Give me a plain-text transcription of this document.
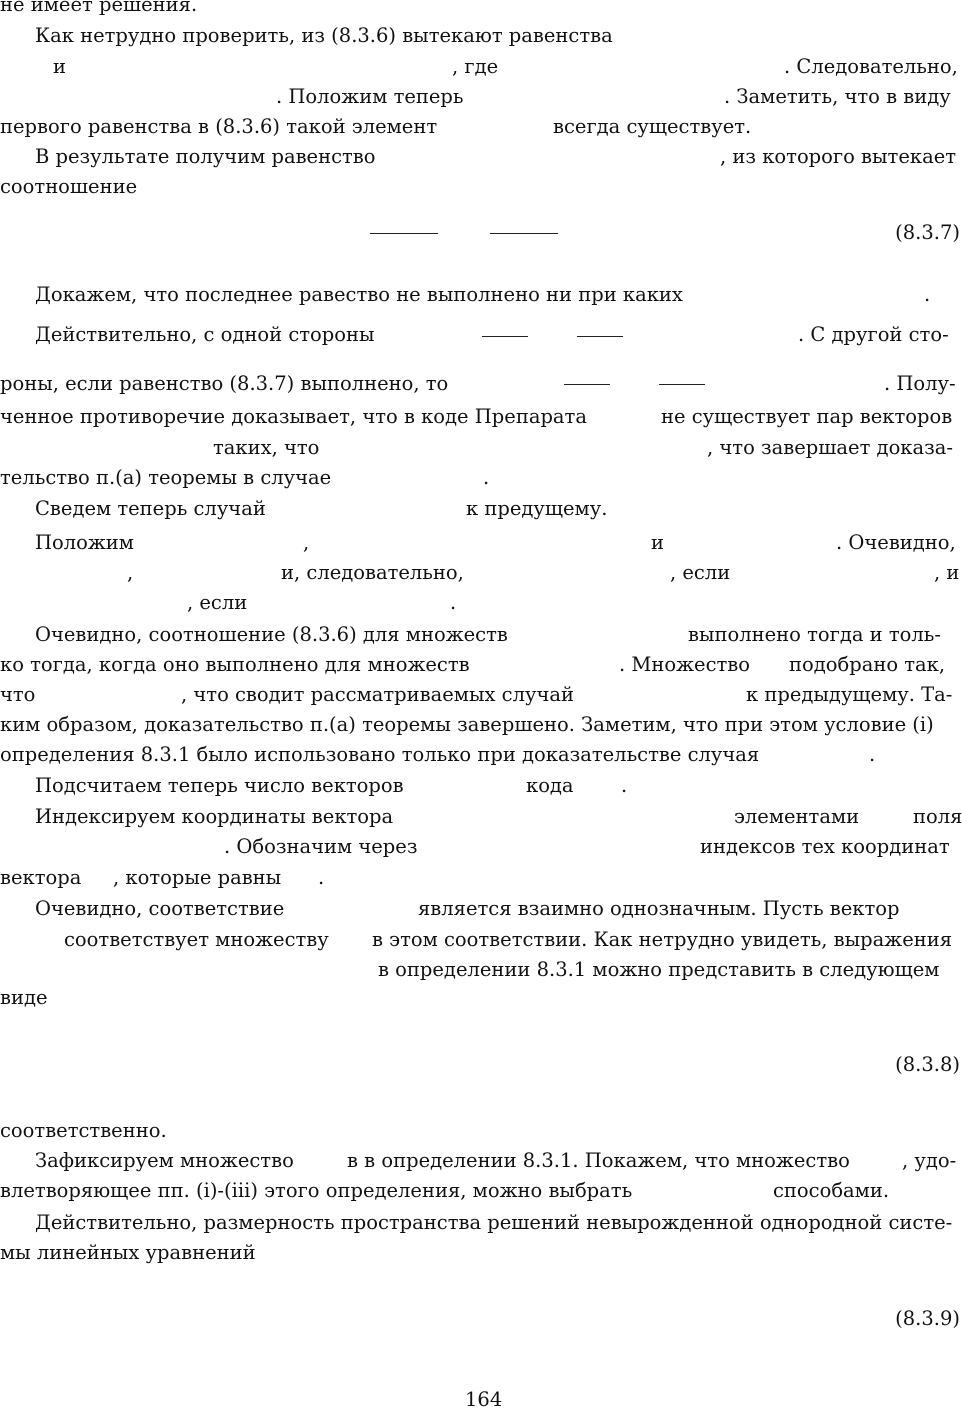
не имеет решения.
Как нетрудно проверить, из (8.3.6) вытекают равенства
и	, где	. Следовательно,
. Положим теперь	. Заметить, что в виду
первого равенства в (8.3.6) такой элемент	всегда существует.
В результате получим равенство	, из которого вытекает
соотношение
(8.3.7)
Докажем, что последнее равество не выполнено ни при каких	.
Действительно, с одной стороны	. С другой сто-
роны, если равенство (8.3.7) выполнено, то	. Полу-
ченное противоречие доказывает, что в коде Препарата	не существует пар векторов
таких, что	, что завершает доказа-
тельство п.(а) теоремы в случае	.
Сведем теперь случай	к предущему.
Положим	,	и	. Очевидно,
,	и, следовательно,	, если	, и
, если	.
Очевидно, соотношение (8.3.6) для множеств	выполнено тогда и толь-
ко тогда, когда оно выполнено для множеств	. Множество подобрано так,
что	, что сводит рассматриваемых случай	к предыдущему. Та-
ким образом, доказательство п.(а) теоремы завершено. Заметим, что при этом условие (i)
определения 8.3.1 было использовано только при доказательстве случая	.
Подсчитаем теперь число векторов	кода .
Индексируем координаты вектора	элементами	поля
. Обозначим через	индексов тех координат
вектора , которые равны .
Очевидно, соответствие	является взаимно однозначным. Пусть вектор
соответствует множеству в этом соответствии. Как нетрудно увидеть, выражения
в определении 8.3.1 можно представить в следующем
виде
(8.3.8)
соответственно.
Зафиксируем множество	в в определении 8.3.1. Покажем, что множество	, удо-
влетворяющее пп. (i)-(iii) этого определения, можно выбрать	способами.
Действительно, размерность пространства решений невырожденной однородной систе-
мы линейных уравнений
(8.3.9)
164
